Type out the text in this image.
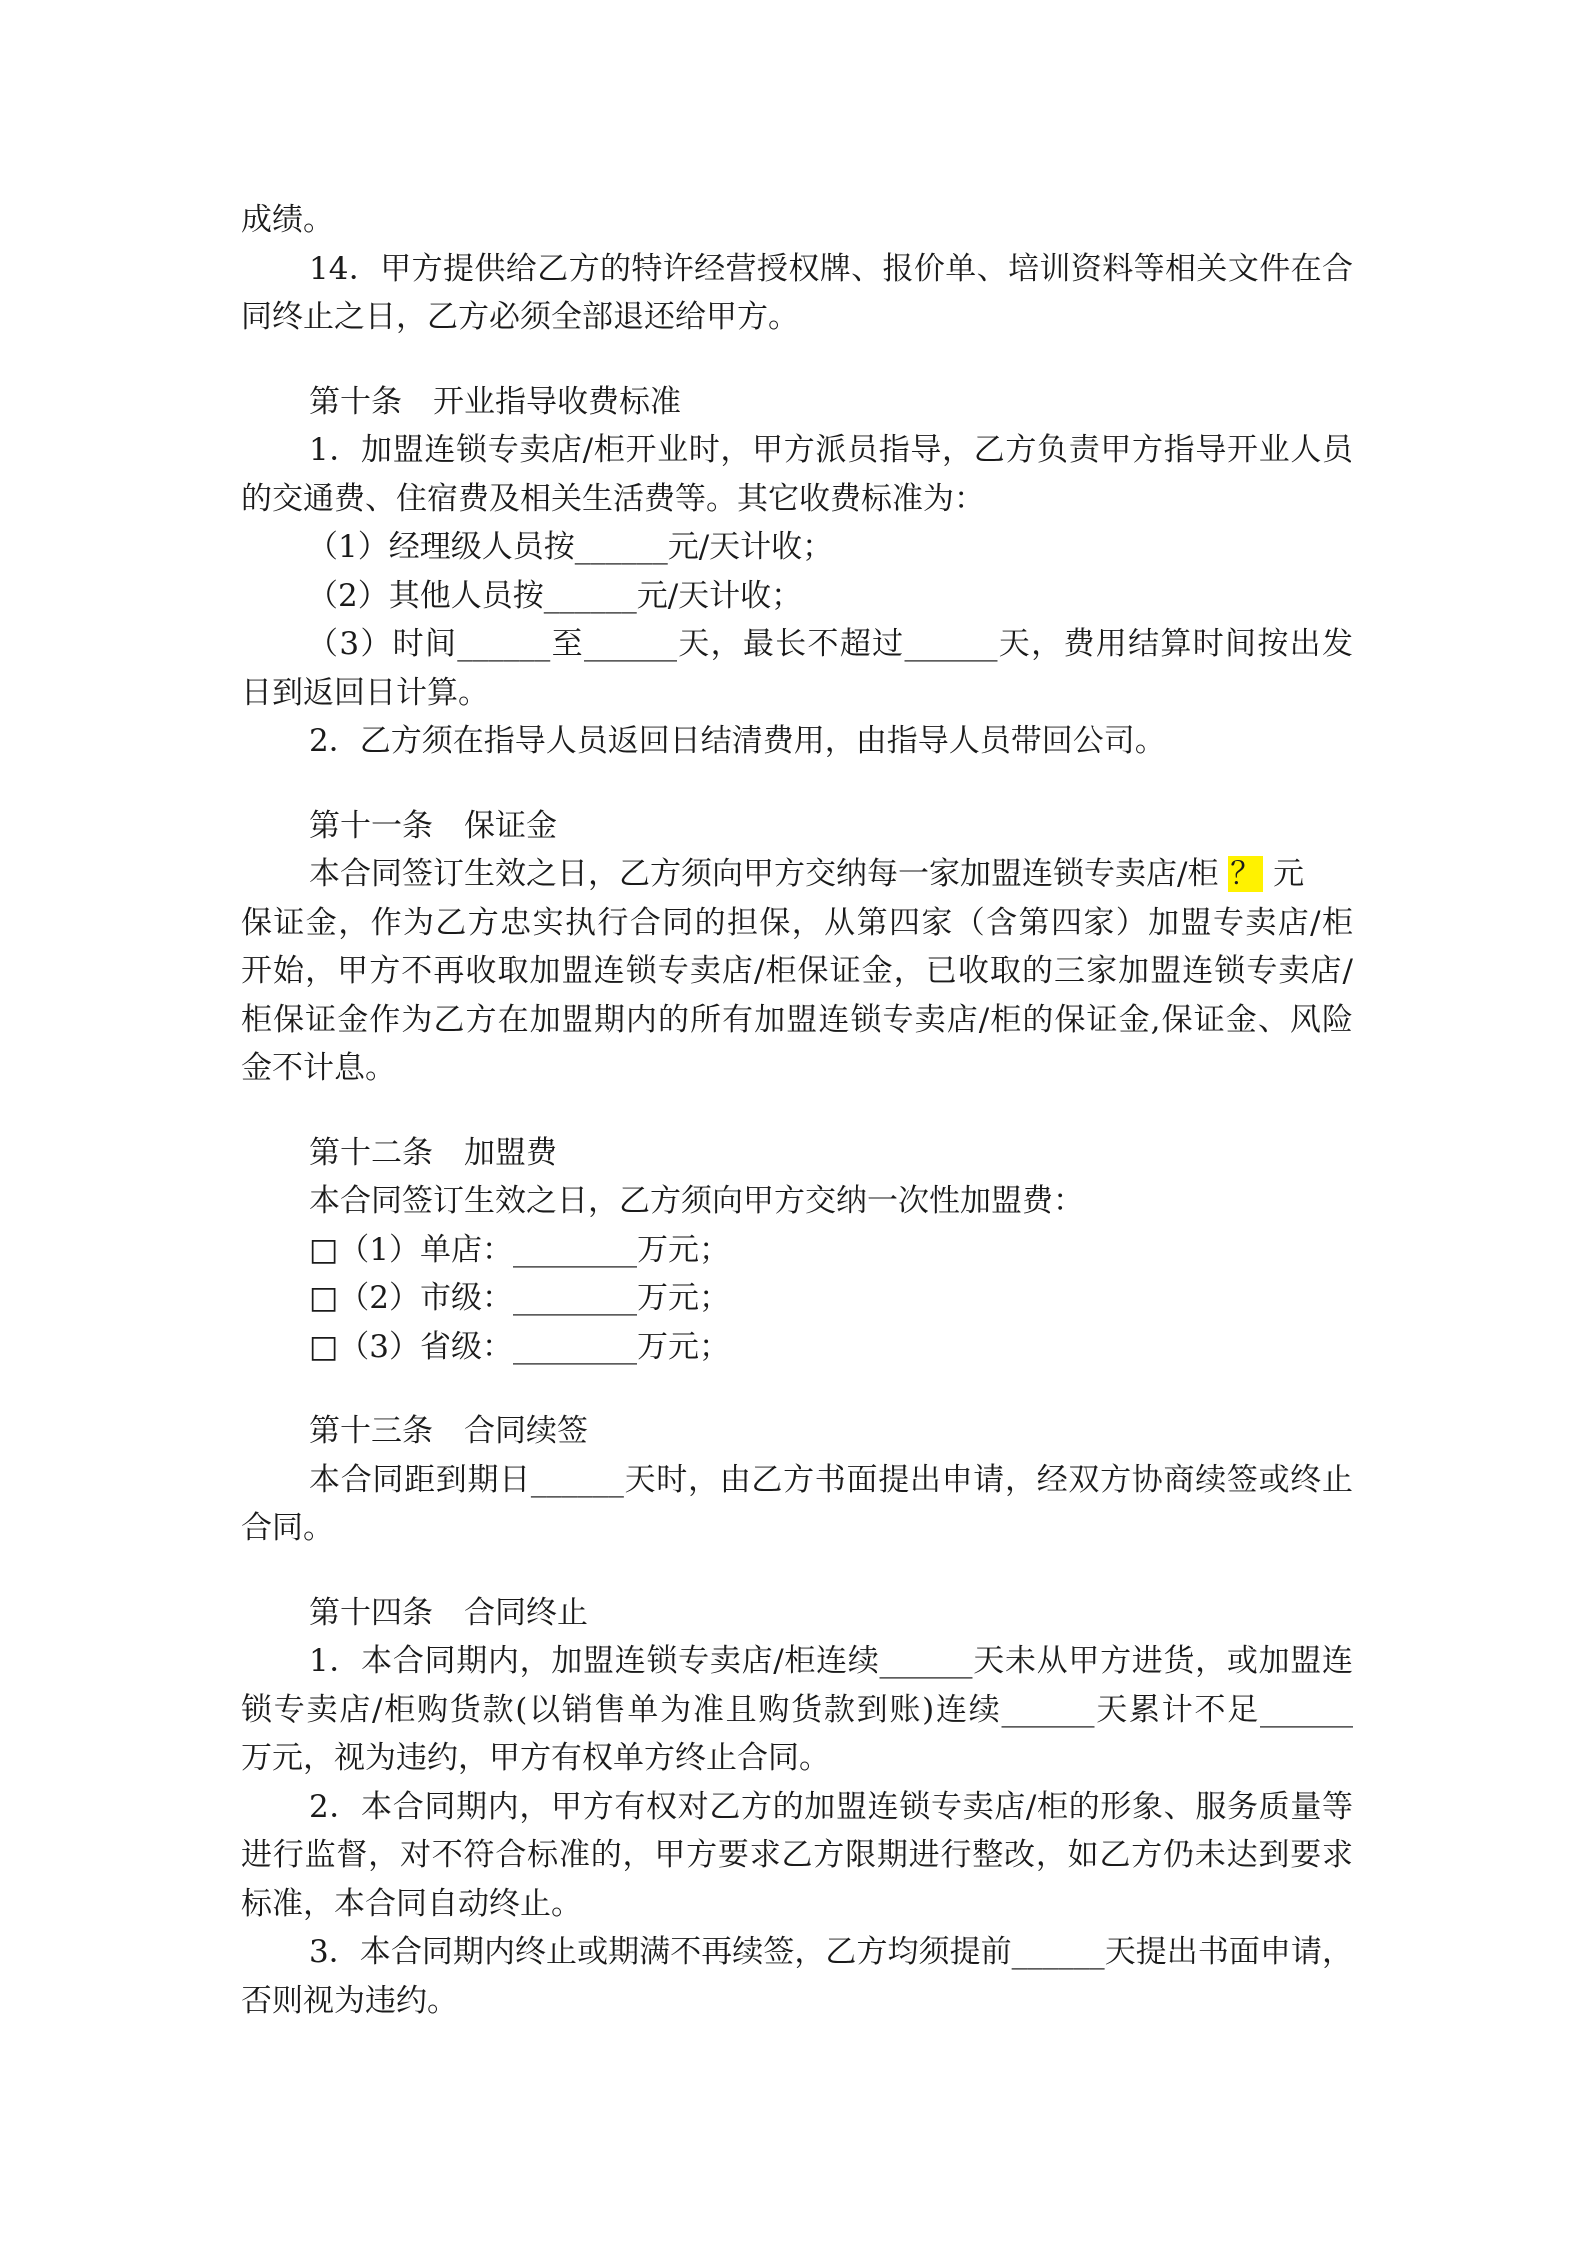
成绩。
14．甲方提供给乙方的特许经营授权牌、报价单、培训资料等相关文件在合
同终止之日，乙方必须全部退还给甲方。
第十条　开业指导收费标准
1．加盟连锁专卖店/柜开业时，甲方派员指导，乙方负责甲方指导开业人员
的交通费、住宿费及相关生活费等。其它收费标准为：
（1）经理级人员按______元/天计收；
（2）其他人员按______元/天计收；
（3）时间______至______天，最长不超过______天，费用结算时间按出发
日到返回日计算。
2．乙方须在指导人员返回日结清费用，由指导人员带回公司。
第十一条　保证金
本合同签订生效之日，乙方须向甲方交纳每一家加盟连锁专卖店/柜 ？ 元
保证金，作为乙方忠实执行合同的担保，从第四家（含第四家）加盟专卖店/柜
开始，甲方不再收取加盟连锁专卖店/柜保证金，已收取的三家加盟连锁专卖店/
柜保证金作为乙方在加盟期内的所有加盟连锁专卖店/柜的保证金,保证金、风险
金不计息。
第十二条　加盟费
本合同签订生效之日，乙方须向甲方交纳一次性加盟费：
□（1）单店：________万元；
□（2）市级：________万元；
□（3）省级：________万元；
第十三条　合同续签
本合同距到期日______天时，由乙方书面提出申请，经双方协商续签或终止
合同。
第十四条　合同终止
1．本合同期内，加盟连锁专卖店/柜连续______天未从甲方进货，或加盟连
锁专卖店/柜购货款(以销售单为准且购货款到账)连续______天累计不足______
万元，视为违约，甲方有权单方终止合同。
2．本合同期内，甲方有权对乙方的加盟连锁专卖店/柜的形象、服务质量等
进行监督，对不符合标准的，甲方要求乙方限期进行整改，如乙方仍未达到要求
标准，本合同自动终止。
3．本合同期内终止或期满不再续签，乙方均须提前______天提出书面申请，
否则视为违约。
